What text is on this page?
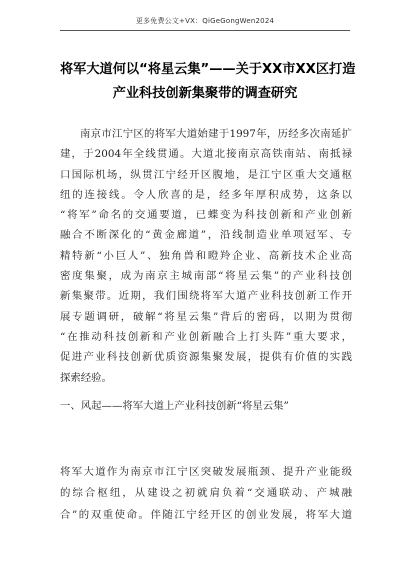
更多免费公文+VX：QiGeGongWen2024
将军大道何以“将星云集”——关于XX市XX区打造
产业科技创新集聚带的调查研究
南京市江宁区的将军大道始建于1997年，历经多次南延扩
建，于2004年全线贯通。大道北接南京高铁南站、南抵禄
口国际机场，纵贯江宁经开区腹地，是江宁区重大交通枢
纽的连接线。令人欣喜的是，经多年厚积成势，这条以
“将军”命名的交通要道，已蝶变为科技创新和产业创新
融合不断深化的“黄金廊道”，沿线制造业单项冠军、专
精特新“小巨人”、独角兽和瞪羚企业、高新技术企业高
密度集聚，成为南京主城南部“将星云集”的产业科技创
新集聚带。近期，我们围绕将军大道产业科技创新工作开
展专题调研，破解“将星云集”背后的密码，以期为贯彻
“在推动科技创新和产业创新融合上打头阵”重大要求，
促进产业科技创新优质资源集聚发展，提供有价值的实践
探索经验。
一、风起——将军大道上产业科技创新“将星云集”
将军大道作为南京市江宁区突破发展瓶颈、提升产业能级
的综合枢纽，从建设之初就肩负着“交通联动、产城融
合”的双重使命。伴随江宁经开区的创业发展，将军大道
